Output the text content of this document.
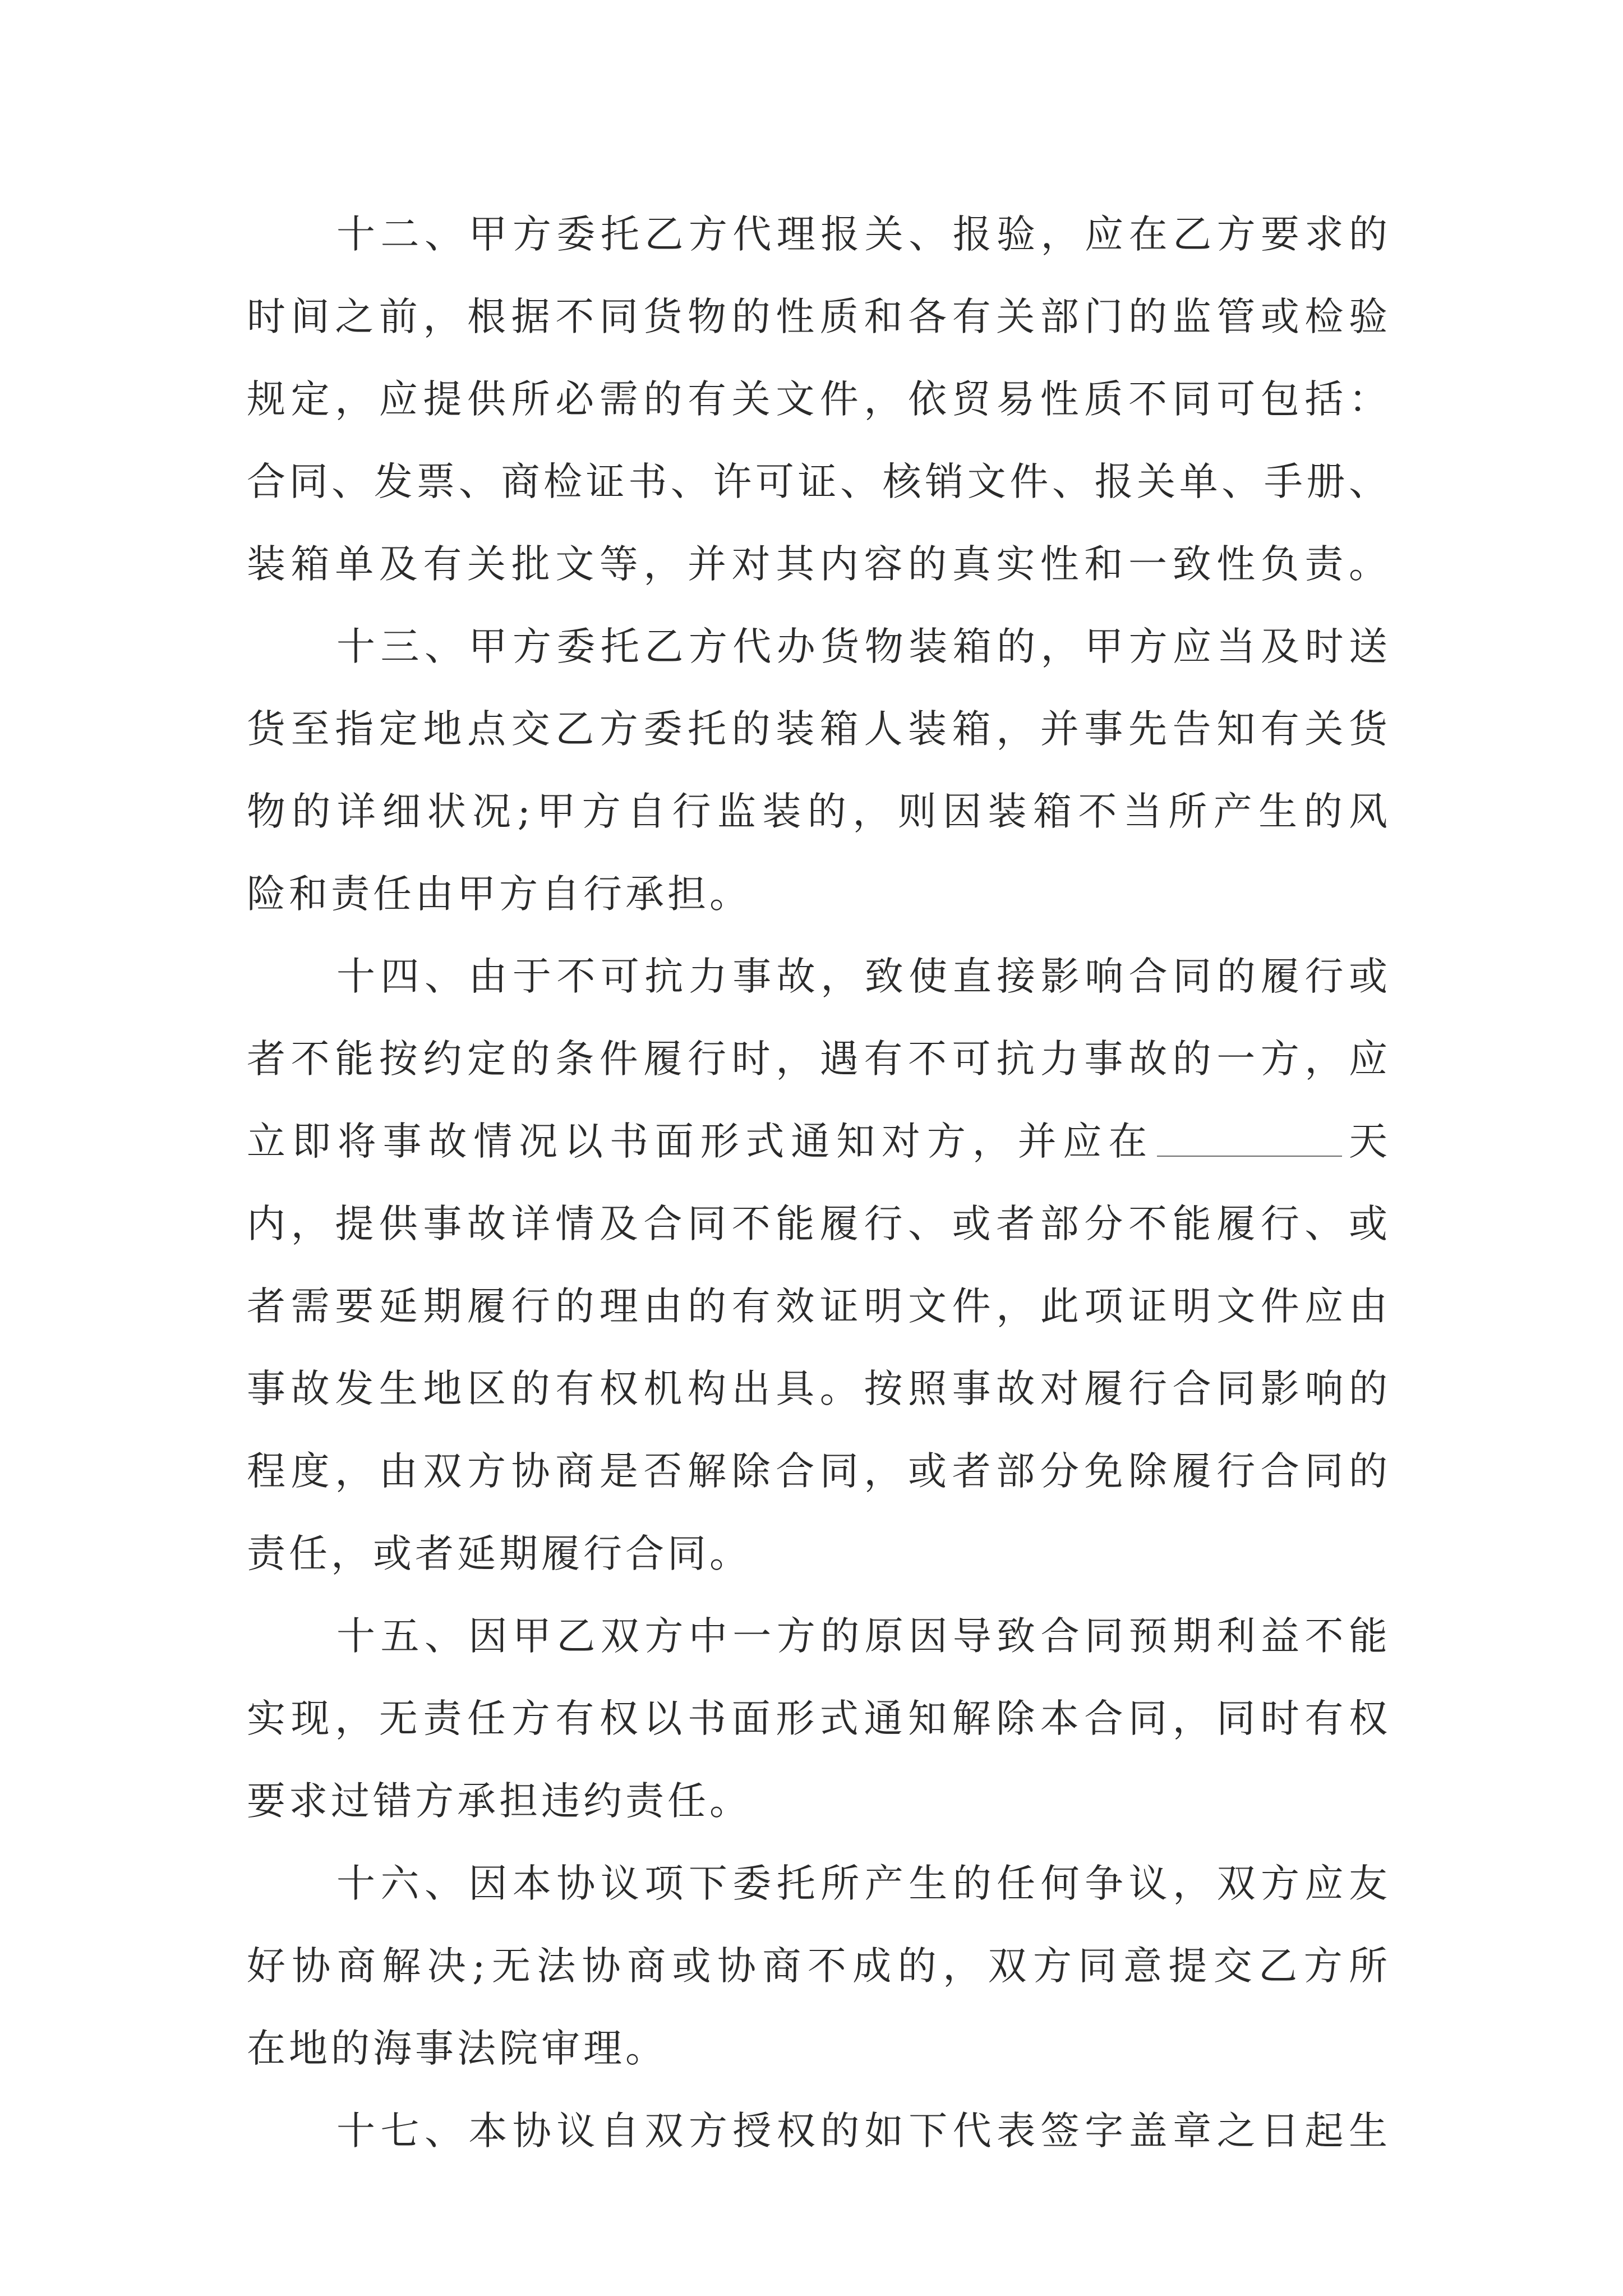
十二、甲方委托乙方代理报关、报验，应在乙方要求的

时间之前，根据不同货物的性质和各有关部门的监管或检验

规定，应提供所必需的有关文件，依贸易性质不同可包括：

合同、发票、商检证书、许可证、核销文件、报关单、手册、

装箱单及有关批文等，并对其内容的真实性和一致性负责。

十三、甲方委托乙方代办货物装箱的，甲方应当及时送

货至指定地点交乙方委托的装箱人装箱，并事先告知有关货

物的详细状况;甲方自行监装的，则因装箱不当所产生的风

险和责任由甲方自行承担。

十四、由于不可抗力事故，致使直接影响合同的履行或

者不能按约定的条件履行时，遇有不可抗力事故的一方，应

立即将事故情况以书面形式通知对方，并应在	天

内，提供事故详情及合同不能履行、或者部分不能履行、或

者需要延期履行的理由的有效证明文件，此项证明文件应由

事故发生地区的有权机构出具。按照事故对履行合同影响的

程度，由双方协商是否解除合同，或者部分免除履行合同的

责任，或者延期履行合同。

十五、因甲乙双方中一方的原因导致合同预期利益不能

实现，无责任方有权以书面形式通知解除本合同，同时有权

要求过错方承担违约责任。

十六、因本协议项下委托所产生的任何争议，双方应友

好协商解决;无法协商或协商不成的，双方同意提交乙方所

在地的海事法院审理。

十七、本协议自双方授权的如下代表签字盖章之日起生
